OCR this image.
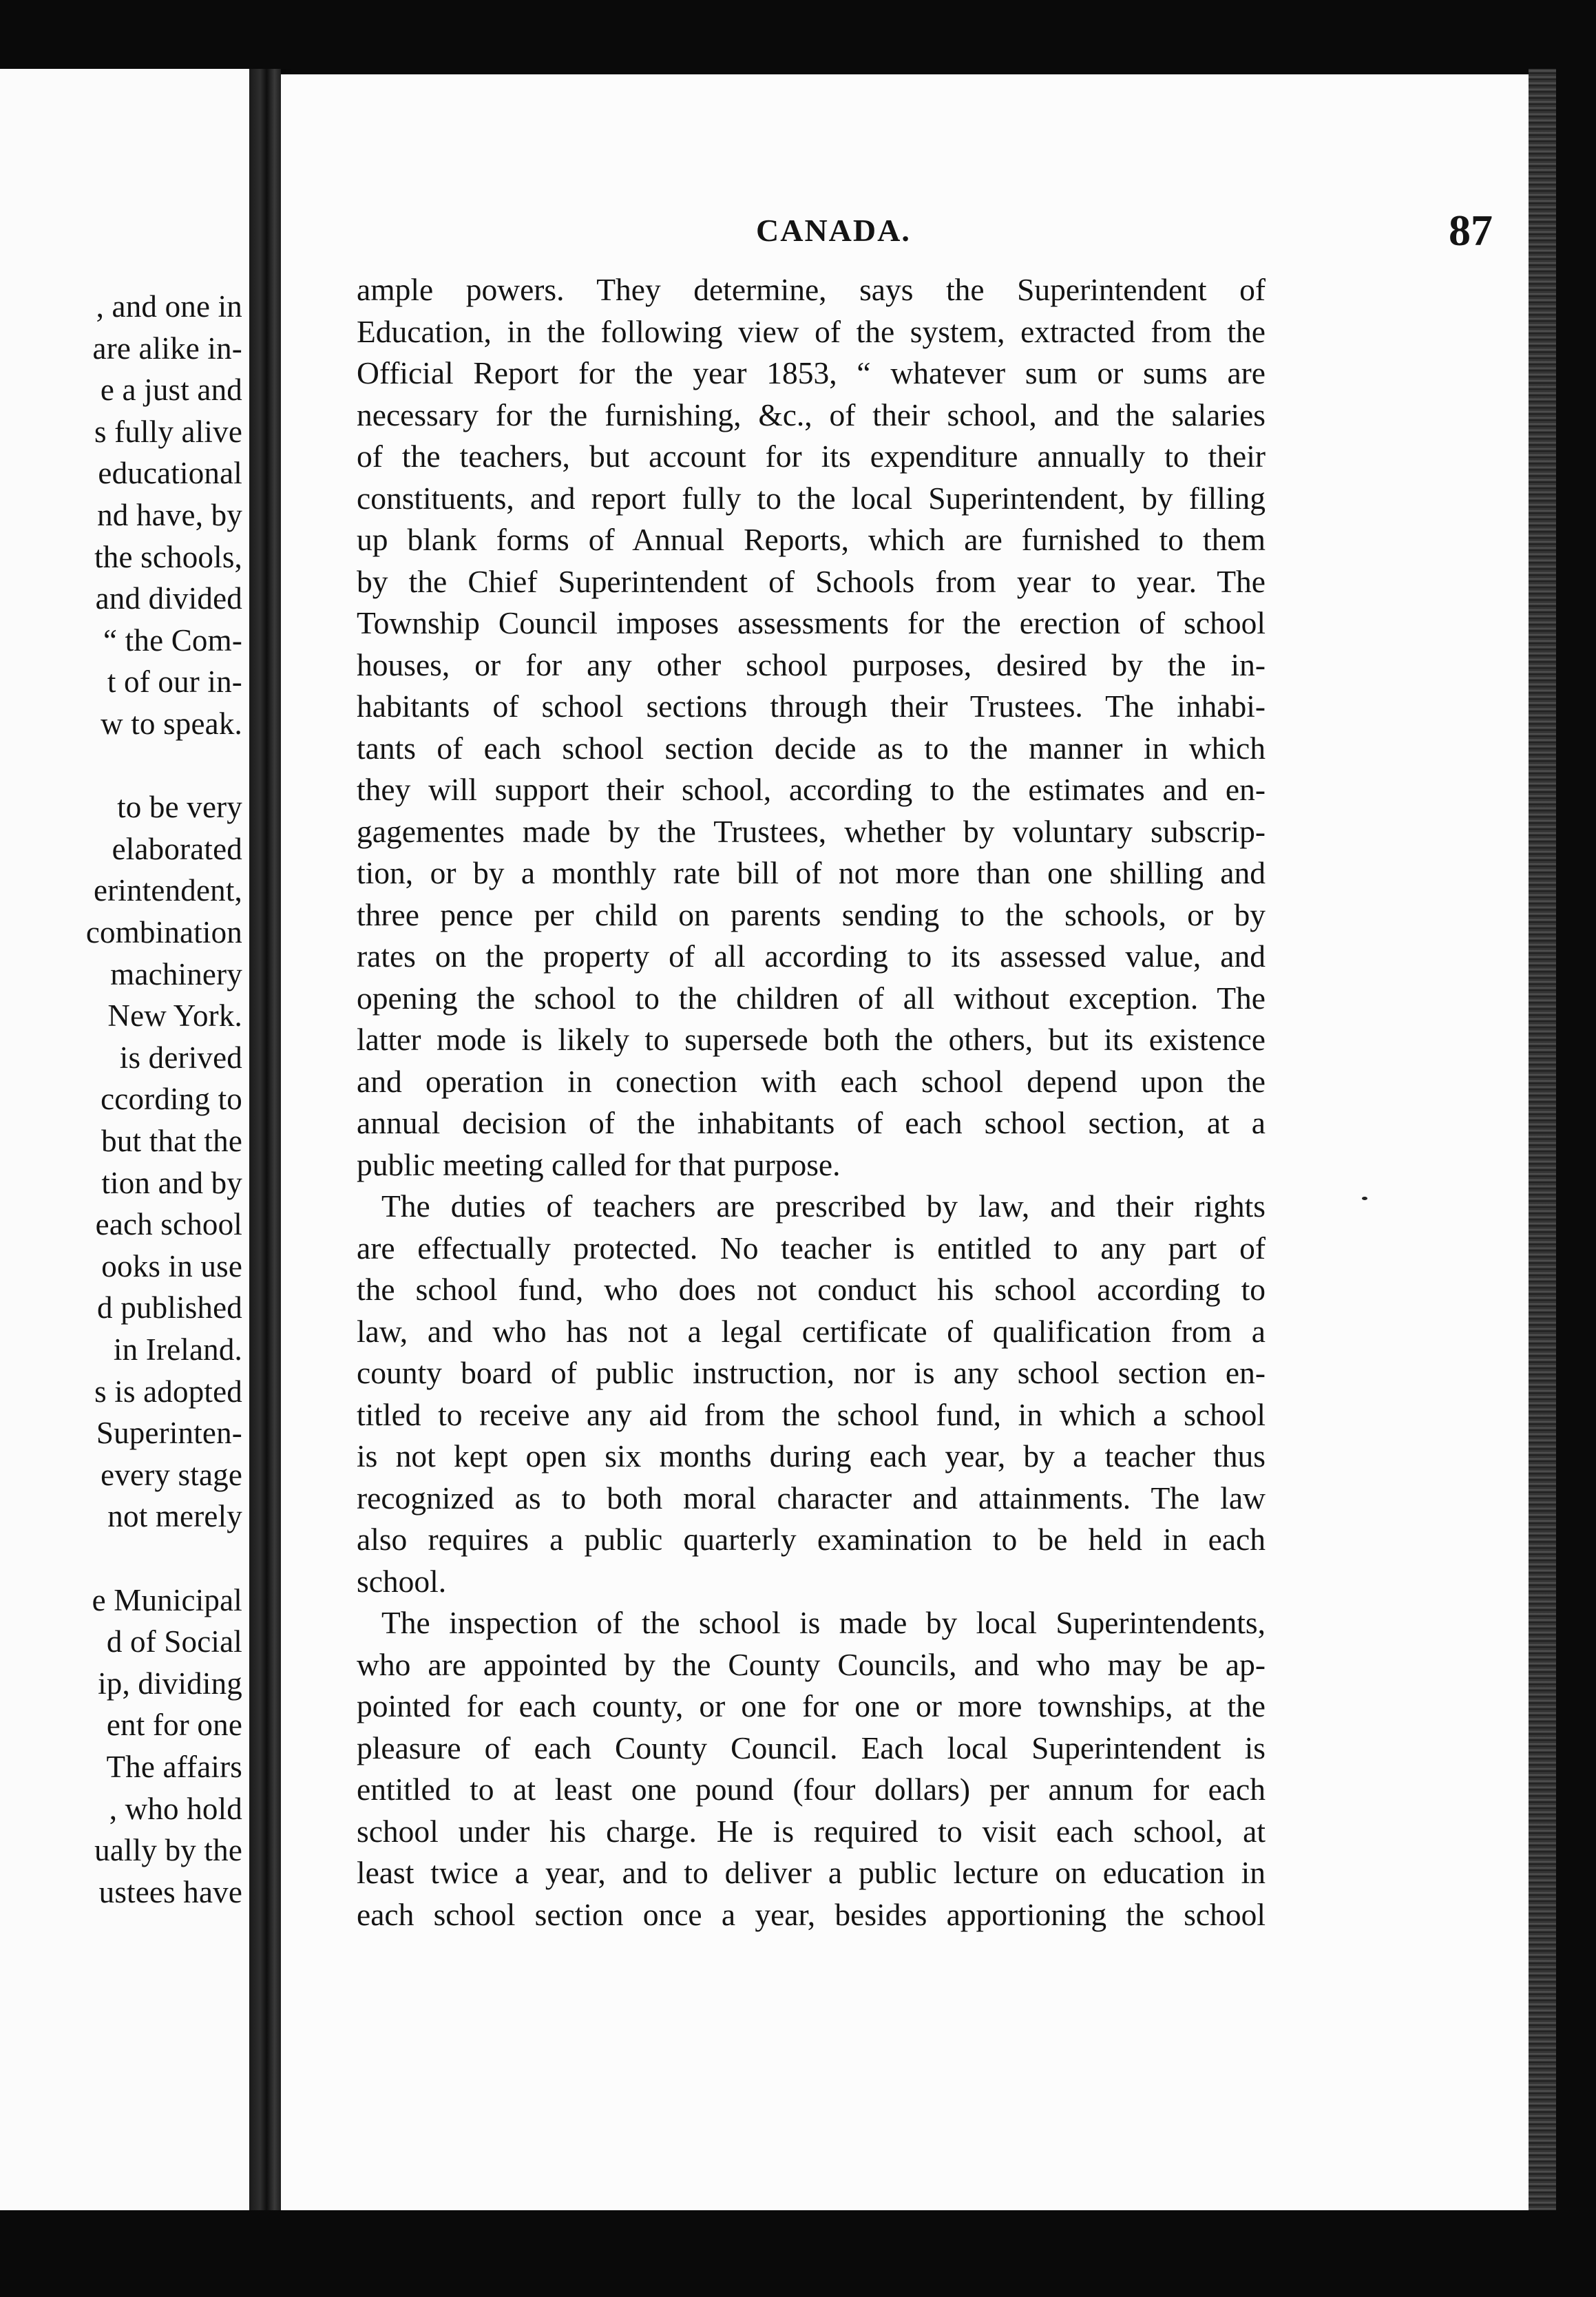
, and one in
are alike in-
e a just and
s fully alive
educational
nd have, by
the schools,
and divided
“ the Com-
t of our in-
w to speak.
to be very
elaborated
erintendent,
combination
machinery
New York.
is derived
ccording to
but that the
tion and by
each school
ooks in use
d published
in Ireland.
s is adopted
Superinten-
every stage
not merely
e Municipal
d of Social
ip, dividing
ent for one
The affairs
, who hold
ually by the
ustees have
CANADA.	87
ample powers. They determine, says the Superintendent of
Education, in the following view of the system, extracted from the
Official Report for the year 1853, “ whatever sum or sums are
necessary for the furnishing, &c., of their school, and the salaries
of the teachers, but account for its expenditure annually to their
constituents, and report fully to the local Superintendent, by filling
up blank forms of Annual Reports, which are furnished to them
by the Chief Superintendent of Schools from year to year. The
Township Council imposes assessments for the erection of school
houses, or for any other school purposes, desired by the in-
habitants of school sections through their Trustees. The inhabi-
tants of each school section decide as to the manner in which
they will support their school, according to the estimates and en-
gagementes made by the Trustees, whether by voluntary subscrip-
tion, or by a monthly rate bill of not more than one shilling and
three pence per child on parents sending to the schools, or by
rates on the property of all according to its assessed value, and
opening the school to the children of all without exception. The
latter mode is likely to supersede both the others, but its existence
and operation in conection with each school depend upon the
annual decision of the inhabitants of each school section, at a
public meeting called for that purpose.
The duties of teachers are prescribed by law, and their rights
are effectually protected. No teacher is entitled to any part of
the school fund, who does not conduct his school according to
law, and who has not a legal certificate of qualification from a
county board of public instruction, nor is any school section en-
titled to receive any aid from the school fund, in which a school
is not kept open six months during each year, by a teacher thus
recognized as to both moral character and attainments. The law
also requires a public quarterly examination to be held in each
school.
The inspection of the school is made by local Superintendents,
who are appointed by the County Councils, and who may be ap-
pointed for each county, or one for one or more townships, at the
pleasure of each County Council. Each local Superintendent is
entitled to at least one pound (four dollars) per annum for each
school under his charge. He is required to visit each school, at
least twice a year, and to deliver a public lecture on education in
each school section once a year, besides apportioning the school
